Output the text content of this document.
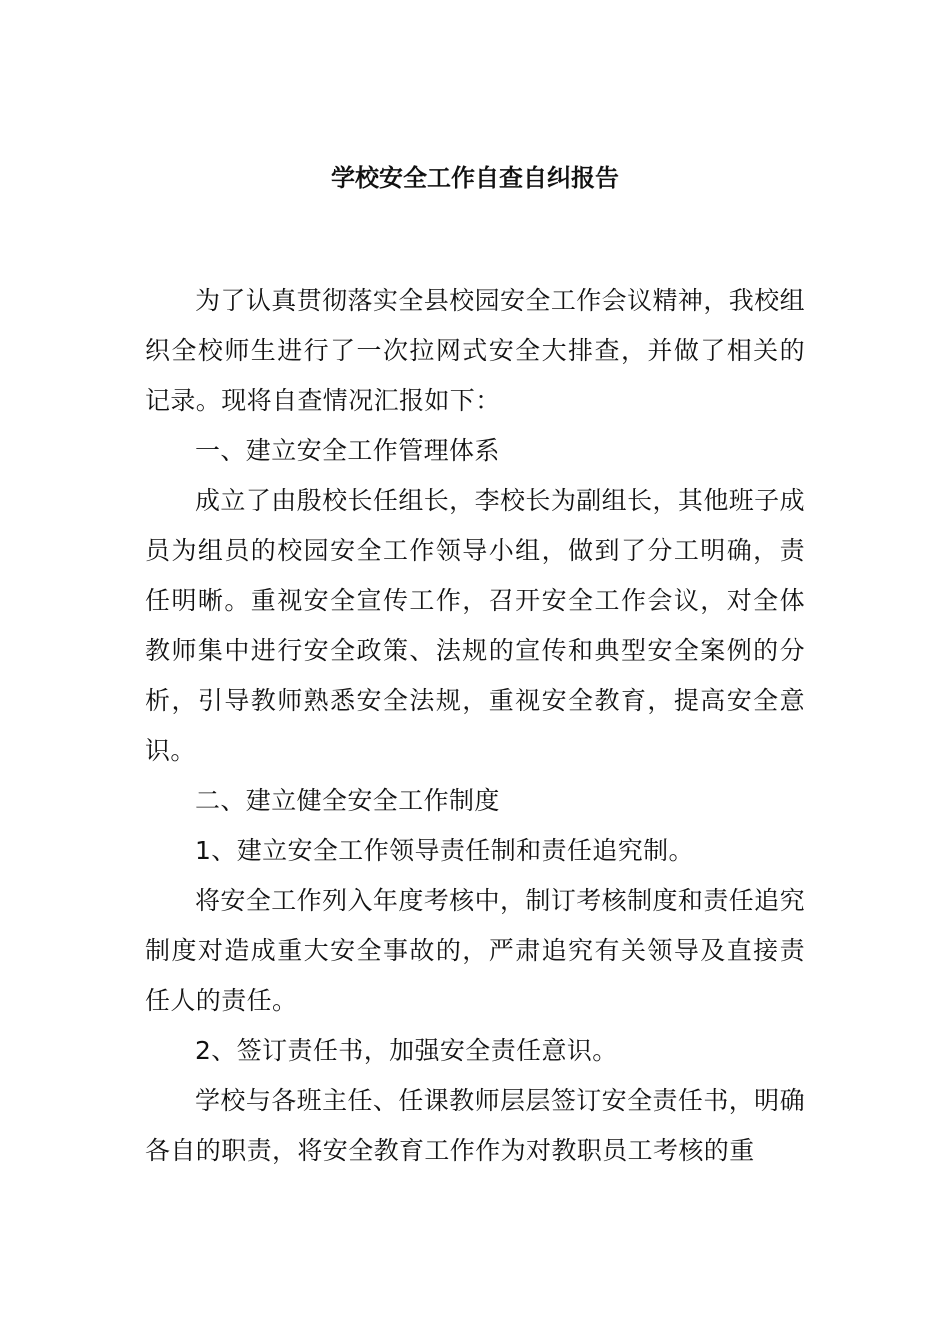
学校安全工作自查自纠报告

为了认真贯彻落实全县校园安全工作会议精神，我校组织全校师生进行了一次拉网式安全大排查，并做了相关的记录。现将自查情况汇报如下：

一、建立安全工作管理体系

成立了由殷校长任组长，李校长为副组长，其他班子成员为组员的校园安全工作领导小组，做到了分工明确，责任明晰。重视安全宣传工作，召开安全工作会议，对全体教师集中进行安全政策、法规的宣传和典型安全案例的分析，引导教师熟悉安全法规，重视安全教育，提高安全意识。

二、建立健全安全工作制度

1、建立安全工作领导责任制和责任追究制。

将安全工作列入年度考核中，制订考核制度和责任追究制度对造成重大安全事故的，严肃追究有关领导及直接责任人的责任。

2、签订责任书，加强安全责任意识。

学校与各班主任、任课教师层层签订安全责任书，明确各自的职责，将安全教育工作作为对教职员工考核的重
